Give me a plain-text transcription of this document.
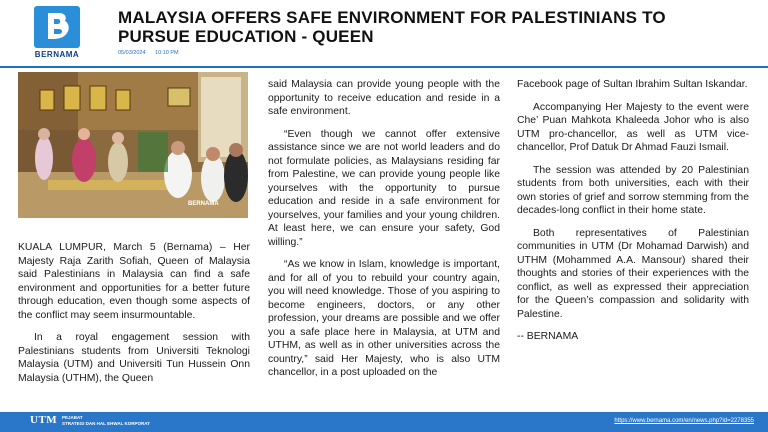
BERNAMA
MALAYSIA OFFERS SAFE ENVIRONMENT FOR PALESTINIANS TO
PURSUE EDUCATION - QUEEN
05/03/2024 10:10 PM
BERNAMA

KUALA LUMPUR, March 5 (Bernama) – Her Majesty Raja Zarith Sofiah, Queen of Malaysia said Palestinians in Malaysia can find a safe environment and opportunities for a better future through education, even though some aspects of the conflict may seem insurmountable.

In a royal engagement session with Palestinians students from Universiti Teknologi Malaysia (UTM) and Universiti Tun Hussein Onn Malaysia (UTHM), the Queen

said Malaysia can provide young people with the opportunity to receive education and reside in a safe environment.

“Even though we cannot offer extensive assistance since we are not world leaders and do not formulate policies, as Malaysians residing far from Palestine, we can provide young people like yourselves with the opportunity to pursue education and reside in a safe environment for yourselves, your families and your young children. At least here, we can ensure your safety, God willing.”

“As we know in Islam, knowledge is important, and for all of you to rebuild your country again, you will need knowledge. Those of you aspiring to become engineers, doctors, or any other profession, your dreams are possible and we offer you a safe place here in Malaysia, at UTM and UTHM, as well as in other universities across the country,” said Her Majesty, who is also UTM chancellor, in a post uploaded on the

Facebook page of Sultan Ibrahim Sultan Iskandar.

Accompanying Her Majesty to the event were Che’ Puan Mahkota Khaleeda Johor who is also UTM pro-chancellor, as well as UTM vice-chancellor, Prof Datuk Dr Ahmad Fauzi Ismail.

The session was attended by 20 Palestinian students from both universities, each with their own stories of grief and sorrow stemming from the decades-long conflict in their home state.

Both representatives of Palestinian communities in UTM (Dr Mohamad Darwish) and UTHM (Mohammed A.A. Mansour) shared their thoughts and stories of their experiences with the conflict, as well as expressed their appreciation for the Queen’s compassion and solidarity with Palestine.

-- BERNAMA

UTM PEJABAT
STRATEGI DAN HAL EHWAL KORPORAT	https://www.bernama.com/en/news.php?id=2278355
